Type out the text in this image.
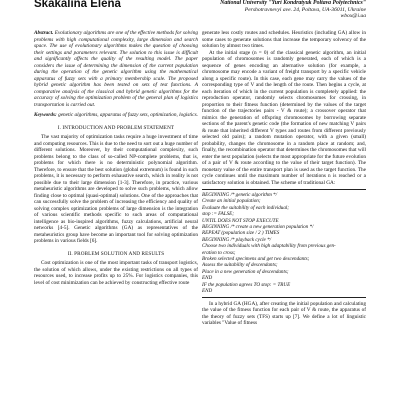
Skakalina Elena	National University "Yuri Kondratyuk Poltava Polytechnics"
Pershotravnevyi ave. 24, Poltava, UA-36011, Ukraine
wbox@i.ua
Abstract. Evolutionary algorithms are one of the effective methods for solving problems with high computational complexity, large dimension and search space. The use of evolutionary algorithms makes the question of choosing their settings and parameters relevant. The solution to this issue is difficult and significantly affects the quality of the resulting model. The paper considers the issue of determining the dimension of the current population during the operation of the genetic algorithm using the mathematical apparatus of fuzzy sets with a primary membership scale. The proposed hybrid genetic algorithm has been tested on sets of test functions. A comparative analysis of the classical and hybrid genetic algorithms for the accuracy of solving the optimization problem of the general plan of logistics transportation is carried out.
Keywords: genetic algorithms, apparatus of fuzzy sets, optimization, logistics.
I. INTRODUCTION AND PROBLEM STATEMENT

The vast majority of optimization tasks require a huge investment of time and computing resources. This is due to the need to sort out a huge number of different solutions. Moreover, by their computational complexity, such problems belong to the class of so-called NP-complete problems, that is, problems for which there is no deterministic polynomial algorithm. Therefore, to ensure that the best solution (global extremum) is found in such problems, it is necessary to perform exhaustive search, which in reality is not possible due to their large dimension [1-3]. Therefore, in practice, various metaheuristic algorithms are developed to solve such problems, which allow finding close to optimal (quasi-optimal) solutions. One of the approaches that can successfully solve the problem of increasing the efficiency and quality of solving complex optimization problems of large dimension is the integration of various scientific methods specific to such areas of computational intelligence as bio-inspired algorithms, fuzzy calculations, artificial neural networks [4-5]. Genetic algorithms (GA) as representatives of the metaheuristics group have become an important tool for solving optimization problems in various fields [6].

II. PROBLEM SOLUTION AND RESULTS

Cost optimization is one of the most important tasks of transport logistics, the solution of which allows, under the existing restrictions on all types of resources used, to increase profits up to 25%. For logistics companies, this level of cost minimization can be achieved by constructing effective route

generate less costly routes and schedules. Heuristics (including GA) allow in some cases to generate solutions that increase the temporary solvency of the solution by almost two times.

At the initial stage (n = 0) of the classical genetic algorithm, an initial population of chromosomes is randomly generated, each of which is a sequence of genes encoding an alternative solution (for example, a chromosome may encode a variant of freight transport by a specific vehicle along a specific route). In this case, each gene may carry the values of the corresponding type of V and the length of the route. Then begins a cycle, at each iteration of which in the current population is completely applied: the reproduction operator, randomly selects chromosomes for crossing, in proportion to their fitness function (determined by the values of the target function of the trajectories pairs - V & route); a crossover operator that mimics the generation of offspring chromosomes by borrowing separate sections of the parent's genetic code (the formation of new matching V pairs & route that inherited different V types and routes from different previously selected old pairs); a random mutation operator, with a given (small) probability, changes the chromosome in a random place at random; and, finally, the recombination operator that determines the chromosomes that will enter the next population (selects the most appropriate for the future evolution of a pair of V & route according to the value of their target function). The monetary value of the entire transport plan is used as the target function. The cycle continues until the maximum number of iterations n is reached or a satisfactory solution is obtained. The scheme of traditional GA:

BEGINNING /* genetic algorithm */
Create an initial population;
Evaluate the suitability of each individual;
stop := FALSE;
UNTIL DOES NOT STOP EXECUTE
BEGINNING /* create a new generation population */
REPEAT (population size / 2 ) TIMES
BEGINNING /* playback cycle */
Choose two individuals with high adaptability from previous gen-
eration to cross;
Broken selected specimens and get two descendants;
Assess the suitability of descendants;
Place in a new generation of descendants;
END
IF the population agrees TO stop: = TRUE
END

In a hybrid GA (HGA), after creating the initial population and calculating the value of the fitness function for each pair of V & route, the apparatus of the theory of fuzzy sets (TFS) starts up [7]. We define a lot of linguistic variables "Value of fitness
